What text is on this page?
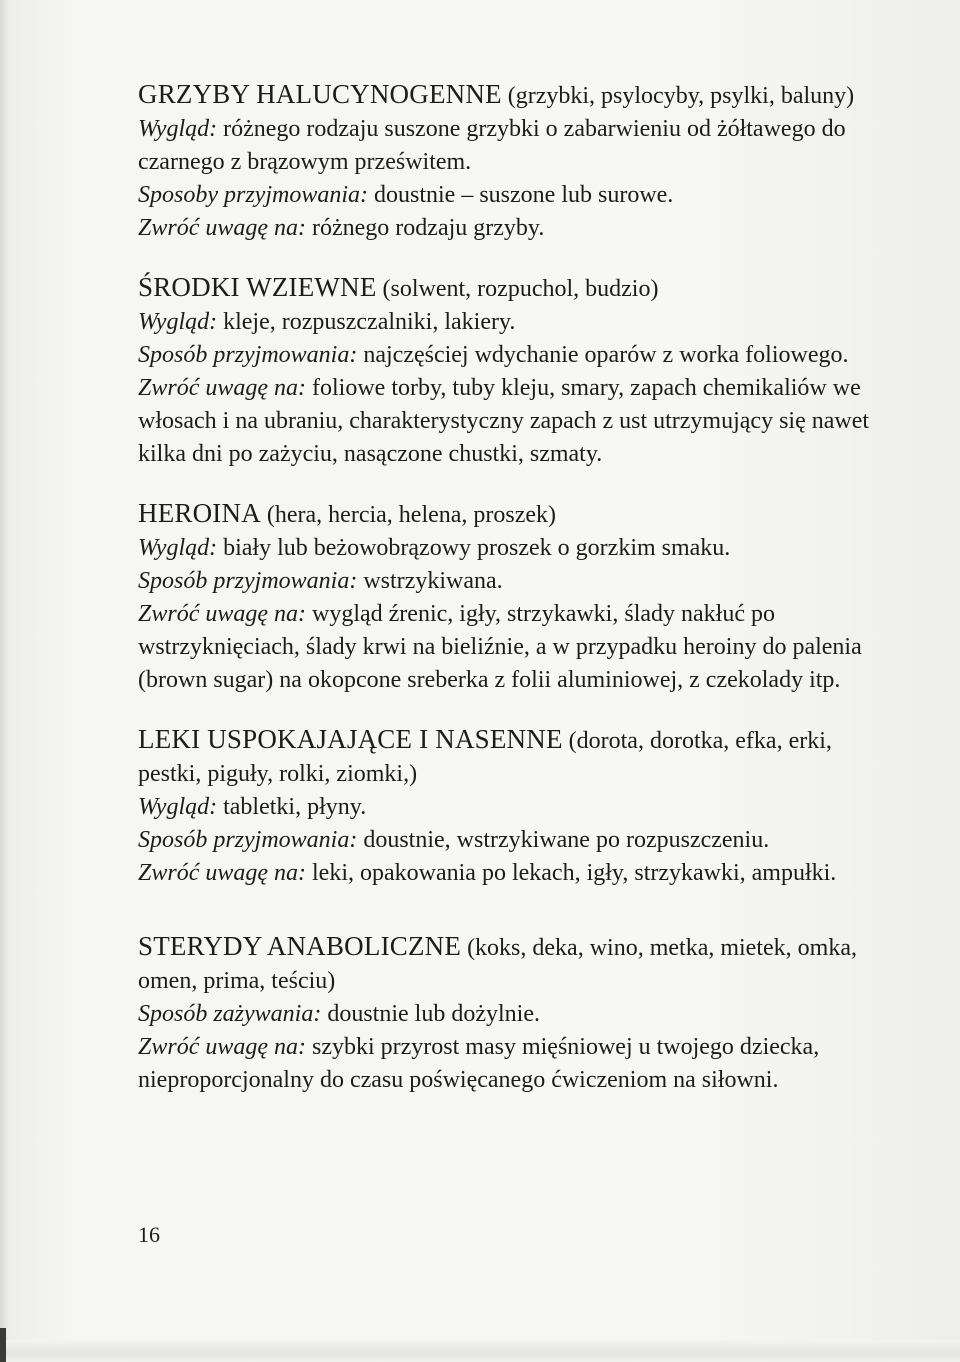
GRZYBY HALUCYNOGENNE (grzybki, psylocyby, psylki, baluny)

Wygląd: różnego rodzaju suszone grzybki o zabarwieniu od żółtawego do czarnego z brązowym prześwitem.

Sposoby przyjmowania: doustnie – suszone lub surowe.

Zwróć uwagę na: różnego rodzaju grzyby.

ŚRODKI WZIEWNE (solwent, rozpuchol, budzio)

Wygląd: kleje, rozpuszczalniki, lakiery.

Sposób przyjmowania: najczęściej wdychanie oparów z worka foliowego.

Zwróć uwagę na: foliowe torby, tuby kleju, smary, zapach chemikaliów we włosach i na ubraniu, charakterystyczny zapach z ust utrzymujący się nawet kilka dni po zażyciu, nasączone chustki, szmaty.

HEROINA (hera, hercia, helena, proszek)

Wygląd: biały lub beżowobrązowy proszek o gorzkim smaku.

Sposób przyjmowania: wstrzykiwana.

Zwróć uwagę na: wygląd źrenic, igły, strzykawki, ślady nakłuć po wstrzyknięciach, ślady krwi na bieliźnie, a w przypadku heroiny do palenia (brown sugar) na okopcone sreberka z folii aluminiowej, z czekolady itp.

LEKI USPOKAJAJĄCE I NASENNE (dorota, dorotka, efka, erki, pestki, piguły, rolki, ziomki,)

Wygląd: tabletki, płyny.

Sposób przyjmowania: doustnie, wstrzykiwane po rozpuszczeniu.

Zwróć uwagę na: leki, opakowania po lekach, igły, strzykawki, ampułki.

STERYDY ANABOLICZNE (koks, deka, wino, metka, mietek, omka, omen, prima, teściu)

Sposób zażywania: doustnie lub dożylnie.

Zwróć uwagę na: szybki przyrost masy mięśniowej u twojego dziecka, nieproporcjonalny do czasu poświęcanego ćwiczeniom na siłowni.

16
